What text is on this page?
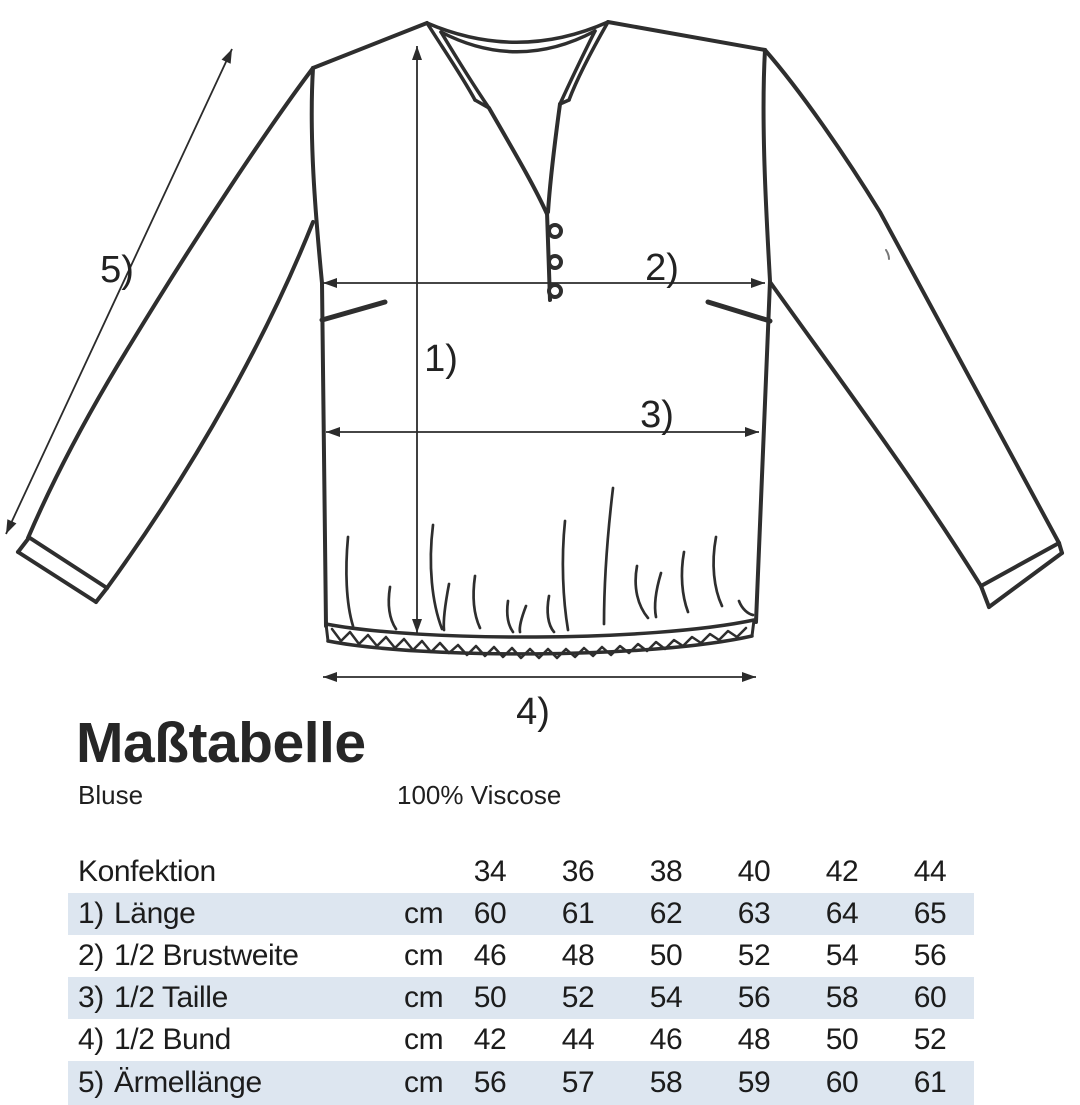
1)
2)
3)
4)
5)
Maßtabelle
Bluse	100% Viscose
Konfektion	34	36	38	40	42	44
1) Länge	cm	60	61	62	63	64	65
2) 1/2 Brustweite	cm	46	48	50	52	54	56
3) 1/2 Taille	cm	50	52	54	56	58	60
4) 1/2 Bund	cm	42	44	46	48	50	52
5) Ärmellänge	cm	56	57	58	59	60	61
